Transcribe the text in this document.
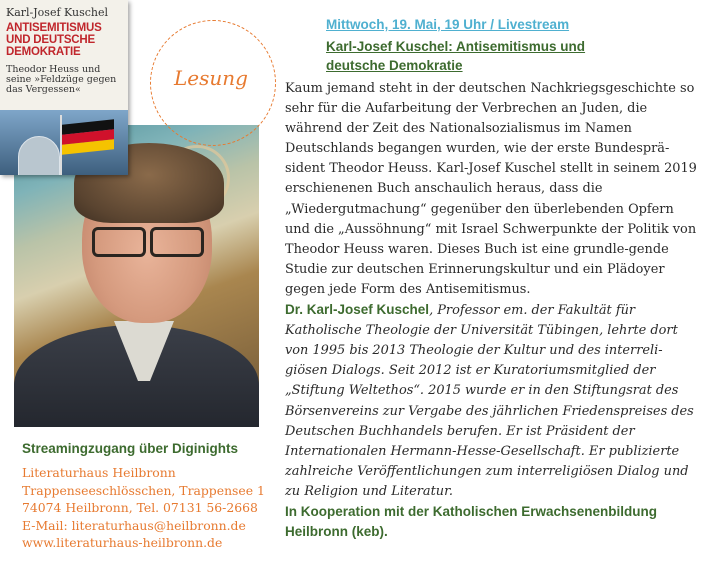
Karl-Josef Kuschel
ANTISEMITISMUS
UND DEUTSCHE
DEMOKRATIE
Theodor Heuss und seine »Feldzüge gegen das Vergessen«	Lesung
Mittwoch, 19. Mai, 19 Uhr / Livestream
Karl-Josef Kuschel: Antisemitismus und deutsche Demokratie

Kaum jemand steht in der deutschen Nachkriegsgeschichte so sehr für die Aufarbeitung der Verbrechen an Juden, die während der Zeit des Nationalsozialismus im Namen Deutschlands begangen wurden, wie der erste Bundesprä-sident Theodor Heuss. Karl-Josef Kuschel stellt in seinem 2019 erschienenen Buch anschaulich heraus, dass die „Wiedergutmachung“ gegenüber den überlebenden Opfern und die „Aussöhnung“ mit Israel Schwerpunkte der Politik von Theodor Heuss waren. Dieses Buch ist eine grundle-gende Studie zur deutschen Erinnerungskultur und ein Plädoyer gegen jede Form des Antisemitismus.

Dr. Karl-Josef Kuschel, Professor em. der Fakultät für Katholische Theologie der Universität Tübingen, lehrte dort von 1995 bis 2013 Theologie der Kultur und des interreli-giösen Dialogs. Seit 2012 ist er Kuratoriumsmitglied der „Stiftung Weltethos“. 2015 wurde er in den Stiftungsrat des Börsenvereins zur Vergabe des jährlichen Friedenspreises des Deutschen Buchhandels berufen. Er ist Präsident der Internationalen Hermann-Hesse-Gesellschaft. Er publizierte zahlreiche Veröffentlichungen zum interreligiösen Dialog und zu Religion und Literatur.

In Kooperation mit der Katholischen Erwachsenenbildung Heilbronn (keb).

Streamingzugang über Diginights
Literaturhaus Heilbronn
Trappenseeschlösschen, Trappensee 1
74074 Heilbronn, Tel. 07131 56-2668
E-Mail: literaturhaus@heilbronn.de
www.literaturhaus-heilbronn.de
